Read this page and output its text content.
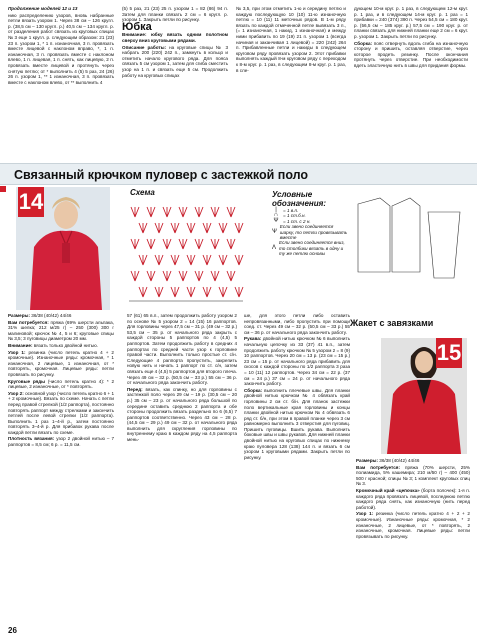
Продолжение моделей 12 и 13

нию распределению узоров, вновь набранные петли вязать узором 1. Через 38 см – 126 кругл. р. (38,5 см – 130 кругл. р.) 40,5 см – 134 кругл. р. от разделения работ связать из круговых спицах № 3 еще 1 кругл. р. следующим образом: 21 (23) 23 п. узором 1, * 1 п. изнаночная, 3 п. провязать вместе лицевой с наклоном вправо, *, 1 п. изнаночная, 3 п. провязать вместе с наклоном влево, 1 п. лицевая, 1 п. снять, как лицевую, 2 п. провязать вместе лицевой и протянуть через снятую петлю; от * выполнить 4 (5) 5 раз, 24 (26) 26 п. узором 1, ** 1 изнаночная, 3 п. провязать вместе с наклоном влево, от ** выполнить 4

(5) 5 раз, 21 (23) 25 п. узором 1 = 82 (86) 94 п. Затем для планки связать 2 см = 6 кругл. р. узором 1. Закрыть петли по рисунку.

Юбка

Внимание: юбку вязать одним полотном сверху вниз круговыми рядами.

Описание работы: на круговые спицы № 3 набрать 200 (220) 242 п., замкнуть в кольцо и отметить начало кругового ряда. Для пояса связать 5 см узором 1, затем для сгиба сместить узор на 1 п. и связать еще 5 см. Продолжить работу на круговых спицах

№ 3,5, при этом отметить 1-ю и середину петлю и каждую последующую 10 (10) 11-ю изнаночную петлю = 10 (11) 11 меточных рядов. В 1-м ряду вязать по каждой отмеченной петле вывязать 3 п., (= 1 изнаночная, 1 накид, 1 изнаночная) и между ними прибавить по 19 (19) 21 п. узором 1 (всегда начиная и заканчивая 1 лицевой) = 220 (242) 264 п. Прибавленные петли и накиды в следующем круговом ряду провязать узором 2. Этот прибавки выполнять каждый 8-м круговом ряду с переходом к 8-м круг. р. 1 раз, в следующем 8-м круг. р. 1 раз, в сле-

дующем 10-м круг. р. 1 раз, в следующем 12-м круг. р. 1 раз, и в следующем 14-м круг. р. 1 раз = 1 прибавки = 240 (374) 390 п. Через 54,5 см = 180 круг. р. (56,5 см – 185 круг. р.) 57,5 см = 190 круг. р. от планки связать для нижней планки еще 2 см = 6 круг. р. узором 1. Закрыть петли по рисунку.

Сборка: пояс отвернуть вдоль сгиба на изнаночную сторону и пришить, оставляя отверстие, через которое продеть резинку. После окончания протянуть через отверстие. При необходимости вдеть эластичную нить в швы для придания формы.

Связанный крючком пуловер с застежкой поло
14	Схема	Условные обозначения:
|	= 1 в.п.
∩	= 1 ст.б.н.
Ψ = 1 ст. с 2 н.
Ѱ
Если звено соединяется шарку, то петли провязывать вместе
Ʌ
Если звено соединяется вниз, то столбики вязать в одну и ту же петлю основы

Размеры: 36/38 (40/42) 44/46

Вам потребуется: пряжа (69% шерсти альпака, 31% шелка; 212 м/25 г) – 250 (300) 300 г малиновой; крючок № 4, 5 и 6; круговые спицы № 3,5; 3 пуговицы диаметром 20 мм.

Внимание: вязать только двойной нитью.

Узор 1: резинка (число петель кратно 4 + 2 кромочные). Изнаночные ряды: кромочная, * 1 изнаночная, 2 лицевые, 1 изнаночная, от * повторять, кромочная. Лицевые ряды: петли провязать по рисунку.

Круговые ряды (число петель кратно 4): * 2 лицевые, 2 изнаночные, от * повторять.

Узор 2: основной узор (число петель кратно 6 + 1 + 2 кромочные). Вязать по схеме. Начать с петли перед правой стрелкой (1/2 раппорта), постоянно повторять раппорт между стрелками и закончить петлей после левой стрелки (1/2 раппорта). Выполнить 1 раз 1–4-й р., затем постоянно повторять 3–4-й р. Для прибавок рукава после каждой петли вязать по схеме.

Плотность вязания: узор 2 двойной нитью – 7 раппортов = 8,5 см; 6 р. = 11,5 см.

57 (61) 65 в.п., затем продолжить работу узором 2 по основе № 5 узором 2 = 14 (15) 16 раппортов. Для горловины через 47,5 см – 31 р. (49 см – 32 р.) 53,5 см – 35 р. от начального ряда закрыть с каждой стороны 5 раппортов по 4 (4,5) 5 раппортов. Затем продолжить работу в средних 4 раппортах по средней части узор к горловине правой части. Выполнить только простые ст. с/н. Следующие 4 раппорта пропустить, закрепить новую нить и начать 1 раппорт по ст. с/н, затем связать еще 4 (4,5) 5 раппортов для второго плеча. Через 49 см – 32 р. (50,5 см – 33 р.) 55 см – 36 р. от начального ряда закончить работу.

Перед: вязать, как спинку, но для горловины с застежкой поло через 29 см – 19 р. (30,5 см – 20 р.) 35 см – 23 р. от начального ряда большой по середине оставить среднюю 2 раппорта и обе стороны продолжить вязать раздельно по 6 (6,5) 7 раппортов соответственно. Через 43 см – 28 р. (44,5 см – 29 р.) 49 см – 32 р. от начального ряда выполнить для скругления горловины по внутреннему краю в каждом ряду на 4,5 раппорта мень-

ше, для этого петли либо оставить непровязанными, либо пропустить при помощи соед. ст. Через 49 см – 32 р. (50,5 см – 33 р.) 55 см – 36 р. от начального ряда закончить работу.

Рукава: двойной нитью крючком № 6 выполнить начальную цепочку из 33 (37) 41 в.п., затем продолжить работу крючком № 5 узором 2 = 8 (9) 10 раппортов. Через 20 см = 13 р. (23 см = 15 р.) 23 см = 15 р. от начального ряда прибавить для скосов с каждой стороны по 1/2 раппорта 3 раза = 10 (11) 12 раппортов. Через 34 см = 22 р. (37 см = 24 р.) 37 см = 24 р. от начального ряда закончить работу.

Сборка: выполнить плечевые швы. Для планки двойной нитью крючком № 4 обвязать край горловины 2 см ст. б/н. Для планок застежки поло вертикальные края горловины и концы планки двойной нитью крючком № 4 обвязать 6 ряд ст. б/н, при этом в правой планке через 3 см равномерно выполнить 3 отверстия для пуговиц. Пришить пуговицы. Вшить рукава. Выполнить боковые швы и швы рукавов. Для нижней планки двойной нитью на круговых спицах по нижнему краю пуловера 128 (138) 144 п. и вязать 6 см узором 1 круговыми рядами. Закрыть петли по рисунку.

Жакет с завязками
15

Размеры: 36/38 (40/42) 44/46

Вам потребуется: пряжа (70% шерсти, 25% полиамида, 5% кашемира; 210 м/50 г) – 400 (450) 500 г красной; спицы № 3; 1 комплект круговых спиц № 3.

Кромочный край «цепочка» (борта полочек): 1-я п. каждого ряда провязать лицевой, последнюю петлю каждого ряда снять, как изнаночную (нить перед работой).

Узор 1: резинка (число петель кратно 4 + 2 + 2 кромочные). Изнаночные ряды: кромочная, * 2 изнаночные, 2 лицевые, от * повторять, 2 изнаночные, кромочная. Лицевые ряды: петли провязывать по рисунку.

26
